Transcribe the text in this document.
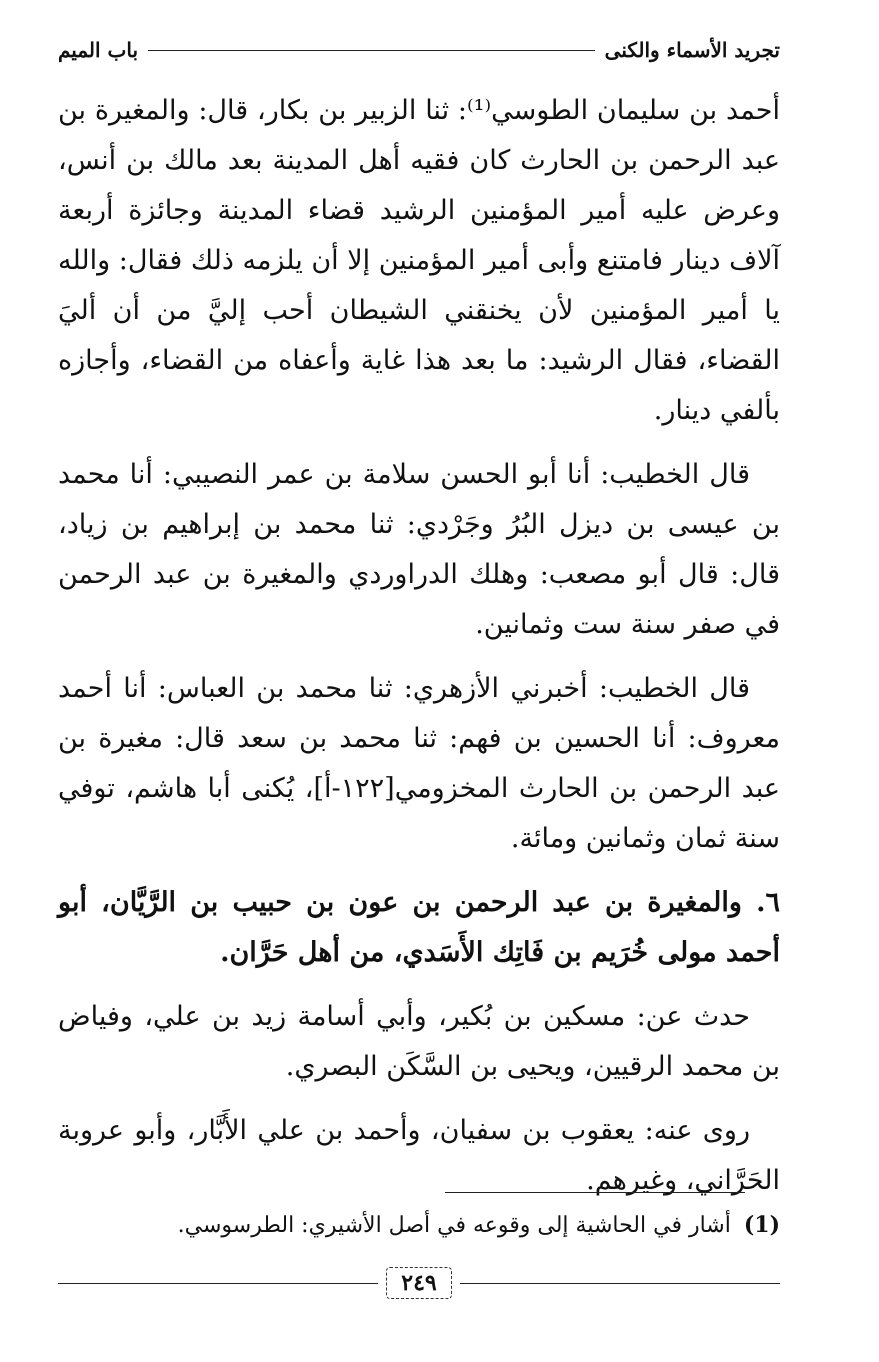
تجريد الأسماء والكنى
باب الميم

أحمد بن سليمان الطوسي⁽¹⁾: ثنا الزبير بن بكار، قال: والمغيرة بن عبد الرحمن بن الحارث كان فقيه أهل المدينة بعد مالك بن أنس، وعرض عليه أمير المؤمنين الرشيد قضاء المدينة وجائزة أربعة آلاف دينار فامتنع وأبى أمير المؤمنين إلا أن يلزمه ذلك فقال: والله يا أمير المؤمنين لأن يخنقني الشيطان أحب إليَّ من أن أليَ القضاء، فقال الرشيد: ما بعد هذا غاية وأعفاه من القضاء، وأجازه بألفي دينار.

قال الخطيب: أنا أبو الحسن سلامة بن عمر النصيبي: أنا محمد بن عيسى بن ديزل البُرُ وجَرْدي: ثنا محمد بن إبراهيم بن زياد، قال: قال أبو مصعب: وهلك الدراوردي والمغيرة بن عبد الرحمن في صفر سنة ست وثمانين.

قال الخطيب: أخبرني الأزهري: ثنا محمد بن العباس: أنا أحمد معروف: أنا الحسين بن فهم: ثنا محمد بن سعد قال: مغيرة بن عبد الرحمن بن الحارث المخزومي[١٢٢-أ]، يُكنى أبا هاشم، توفي سنة ثمان وثمانين ومائة.

٦. والمغيرة بن عبد الرحمن بن عون بن حبيب بن الرَّيَّان، أبو أحمد مولى خُرَيم بن فَاتِك الأَسَدي، من أهل حَرَّان.

حدث عن: مسكين بن بُكير، وأبي أسامة زيد بن علي، وفياض بن محمد الرقيين، ويحيى بن السَّكَن البصري.

روى عنه: يعقوب بن سفيان، وأحمد بن علي الأَبَّار، وأبو عروبة الحَرَّاني، وغيرهم.

(1) أشار في الحاشية إلى وقوعه في أصل الأشيري: الطرسوسي.
٢٤٩
